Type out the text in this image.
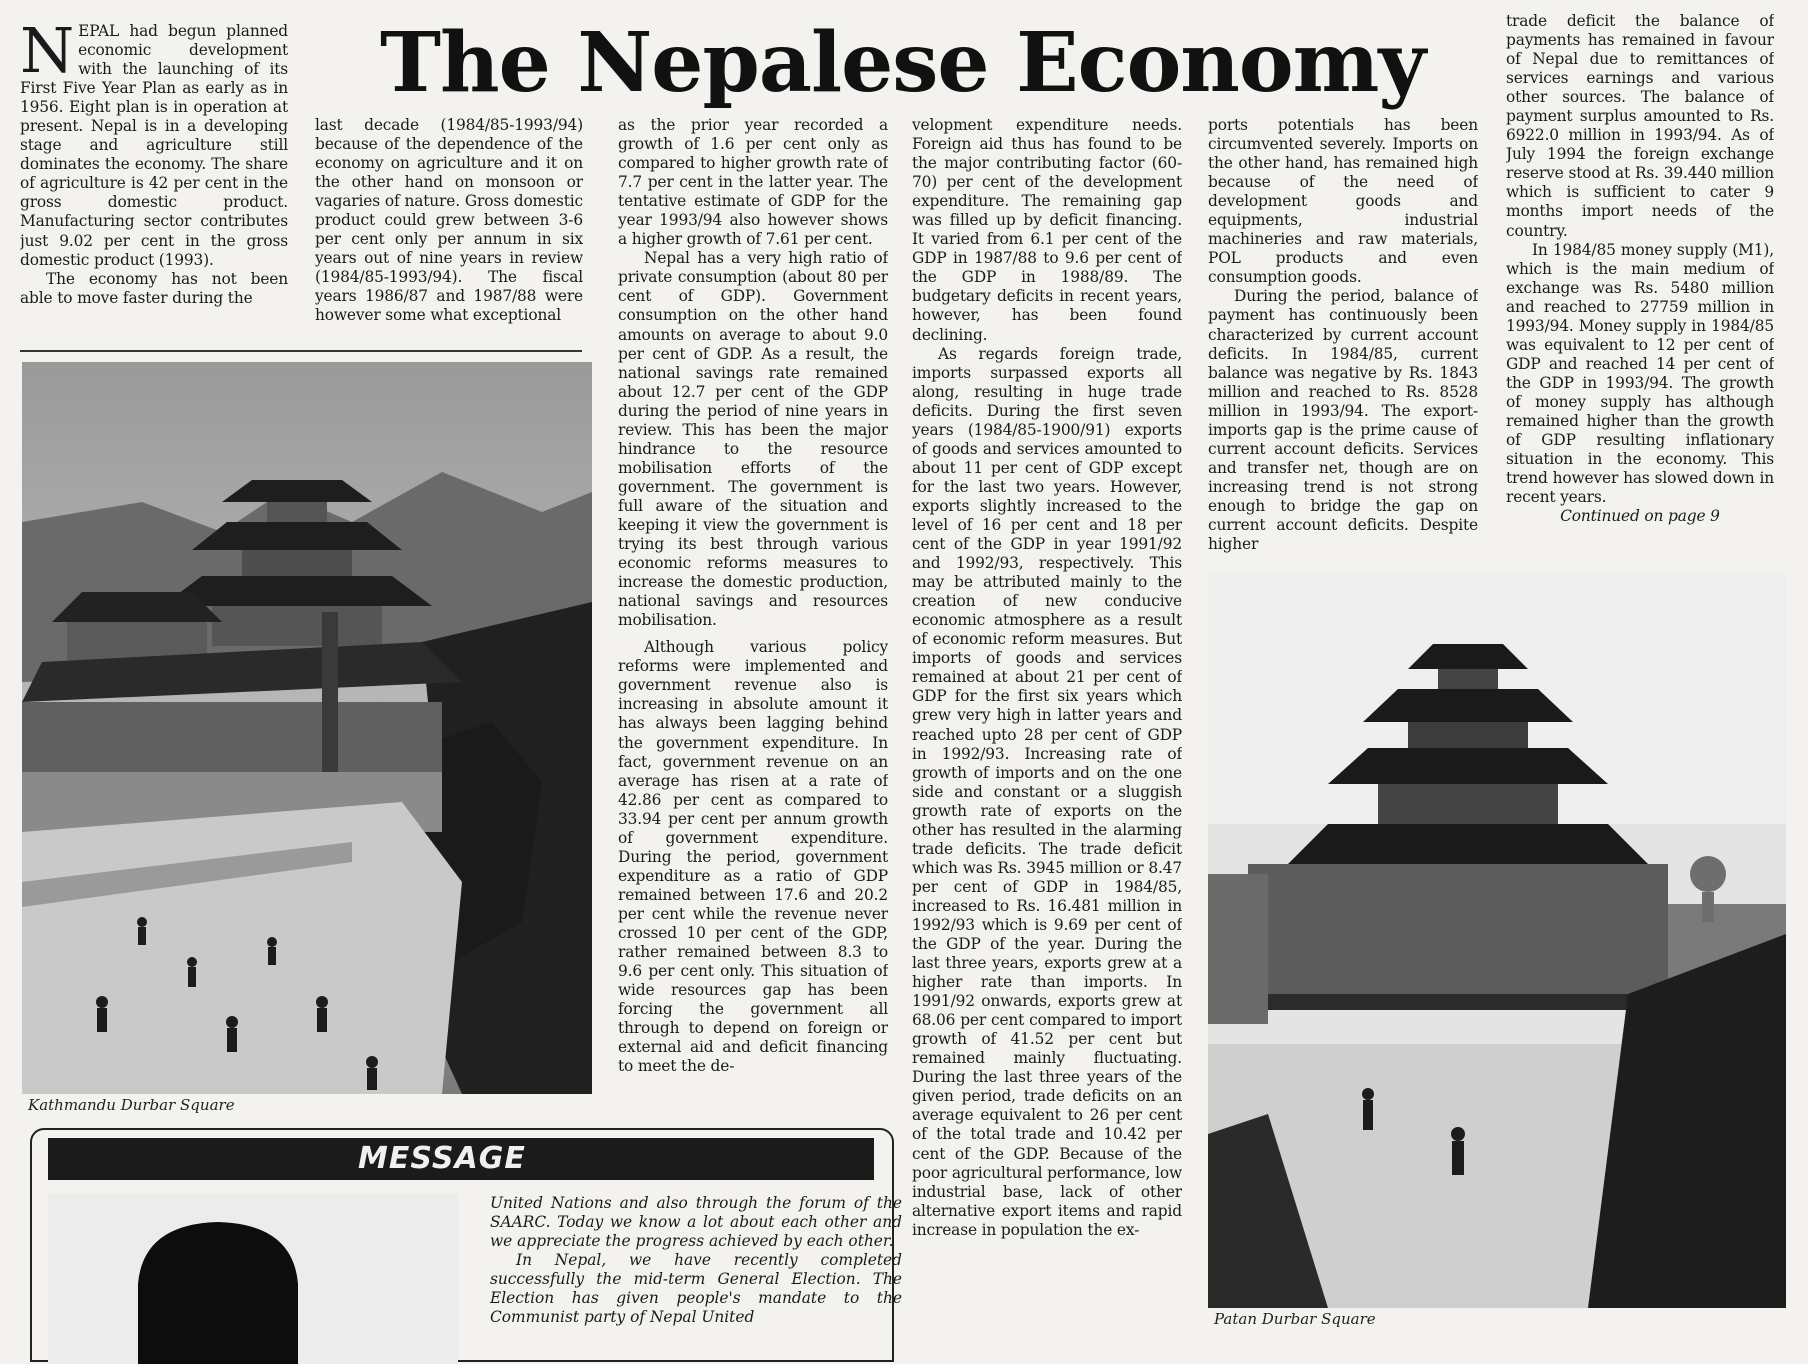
The Nepalese Economy
N EPAL had begun planned economic development with the launching of its First Five Year Plan as early as in 1956. Eight plan is in operation at present. Nepal is in a developing stage and agriculture still dominates the economy. The share of agriculture is 42 per cent in the gross domestic product. Manufacturing sector contributes just 9.02 per cent in the gross domestic product (1993).

The economy has not been able to move faster during the

last decade (1984/85-1993/94) because of the dependence of the economy on agriculture and it on the other hand on monsoon or vagaries of nature. Gross domestic product could grew between 3-6 per cent only per annum in six years out of nine years in review (1984/85-1993/94). The fiscal years 1986/87 and 1987/88 were however some what exceptional

Kathmandu Durbar Square

as the prior year recorded a growth of 1.6 per cent only as compared to higher growth rate of 7.7 per cent in the latter year. The tentative estimate of GDP for the year 1993/94 also however shows a higher growth of 7.61 per cent.

Nepal has a very high ratio of private consumption (about 80 per cent of GDP). Government consumption on the other hand amounts on average to about 9.0 per cent of GDP. As a result, the national savings rate remained about 12.7 per cent of the GDP during the period of nine years in review. This has been the major hindrance to the resource mobilisation efforts of the government. The government is full aware of the situation and keeping it view the government is trying its best through various economic reforms measures to increase the domestic production, national savings and resources mobilisation.

Although various policy reforms were implemented and government revenue also is increasing in absolute amount it has always been lagging behind the government expenditure. In fact, government revenue on an average has risen at a rate of 42.86 per cent as compared to 33.94 per cent per annum growth of government expenditure. During the period, government expenditure as a ratio of GDP remained between 17.6 and 20.2 per cent while the revenue never crossed 10 per cent of the GDP, rather remained between 8.3 to 9.6 per cent only. This situation of wide resources gap has been forcing the government all through to depend on foreign or external aid and deficit financing to meet the de-

velopment expenditure needs. Foreign aid thus has found to be the major contributing factor (60-70) per cent of the development expenditure. The remaining gap was filled up by deficit financing. It varied from 6.1 per cent of the GDP in 1987/88 to 9.6 per cent of the GDP in 1988/89. The budgetary deficits in recent years, however, has been found declining.

As regards foreign trade, imports surpassed exports all along, resulting in huge trade deficits. During the first seven years (1984/85-1900/91) exports of goods and services amounted to about 11 per cent of GDP except for the last two years. However, exports slightly increased to the level of 16 per cent and 18 per cent of the GDP in year 1991/92 and 1992/93, respectively. This may be attributed mainly to the creation of new conducive economic atmosphere as a result of economic reform measures. But imports of goods and services remained at about 21 per cent of GDP for the first six years which grew very high in latter years and reached upto 28 per cent of GDP in 1992/93. Increasing rate of growth of imports and on the one side and constant or a sluggish growth rate of exports on the other has resulted in the alarming trade deficits. The trade deficit which was Rs. 3945 million or 8.47 per cent of GDP in 1984/85, increased to Rs. 16.481 million in 1992/93 which is 9.69 per cent of the GDP of the year. During the last three years, exports grew at a higher rate than imports. In 1991/92 onwards, exports grew at 68.06 per cent compared to import growth of 41.52 per cent but remained mainly fluctuating. During the last three years of the given period, trade deficits on an average equivalent to 26 per cent of the total trade and 10.42 per cent of the GDP. Because of the poor agricultural performance, low industrial base, lack of other alternative export items and rapid increase in population the ex-

ports potentials has been circumvented severely. Imports on the other hand, has remained high because of the need of development goods and equipments, industrial machineries and raw materials, POL products and even consumption goods.

During the period, balance of payment has continuously been characterized by current account deficits. In 1984/85, current balance was negative by Rs. 1843 million and reached to Rs. 8528 million in 1993/94. The export-imports gap is the prime cause of current account deficits. Services and transfer net, though are on increasing trend is not strong enough to bridge the gap on current account deficits. Despite higher

trade deficit the balance of payments has remained in favour of Nepal due to remittances of services earnings and various other sources. The balance of payment surplus amounted to Rs. 6922.0 million in 1993/94. As of July 1994 the foreign exchange reserve stood at Rs. 39.440 million which is sufficient to cater 9 months import needs of the country.

In 1984/85 money supply (M1), which is the main medium of exchange was Rs. 5480 million and reached to 27759 million in 1993/94. Money supply in 1984/85 was equivalent to 12 per cent of GDP and reached 14 per cent of the GDP in 1993/94. The growth of money supply has although remained higher than the growth of GDP resulting inflationary situation in the economy. This trend however has slowed down in recent years.

Continued on page 9

Patan Durbar Square
MESSAGE

United Nations and also through the forum of the SAARC. Today we know a lot about each other and we appreciate the progress achieved by each other.

In Nepal, we have recently completed successfully the mid-term General Election. The Election has given people's mandate to the Communist party of Nepal United
